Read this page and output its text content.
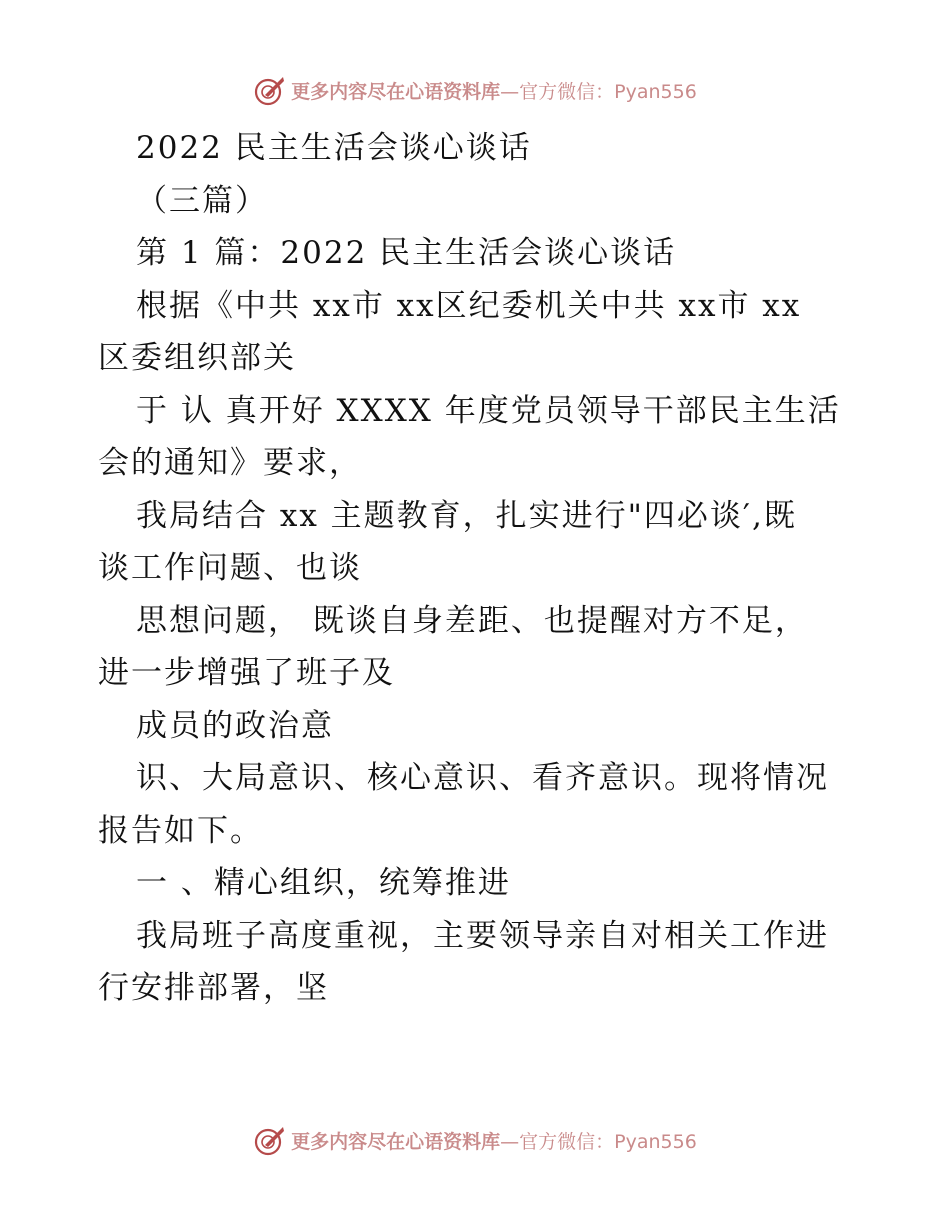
更多内容尽在心语资料库—官方微信：Pyan556
2022 民主生活会谈心谈话
（三篇）
第 1 篇：2022 民主生活会谈心谈话
根据《中共 xx市 xx区纪委机关中共 xx市 xx
区委组织部关
于 认 真开好 XXXX 年度党员领导干部民主生活
会的通知》要求，
我局结合 xx 主题教育，扎实进行"四必谈′,既
谈工作问题、也谈
思想问题， 既谈自身差距、也提醒对方不足，
进一步增强了班子及
成员的政治意
识、大局意识、核心意识、看齐意识。现将情况
报告如下。
一 、精心组织，统筹推进
我局班子高度重视，主要领导亲自对相关工作进
行安排部署，坚
更多内容尽在心语资料库—官方微信：Pyan556
